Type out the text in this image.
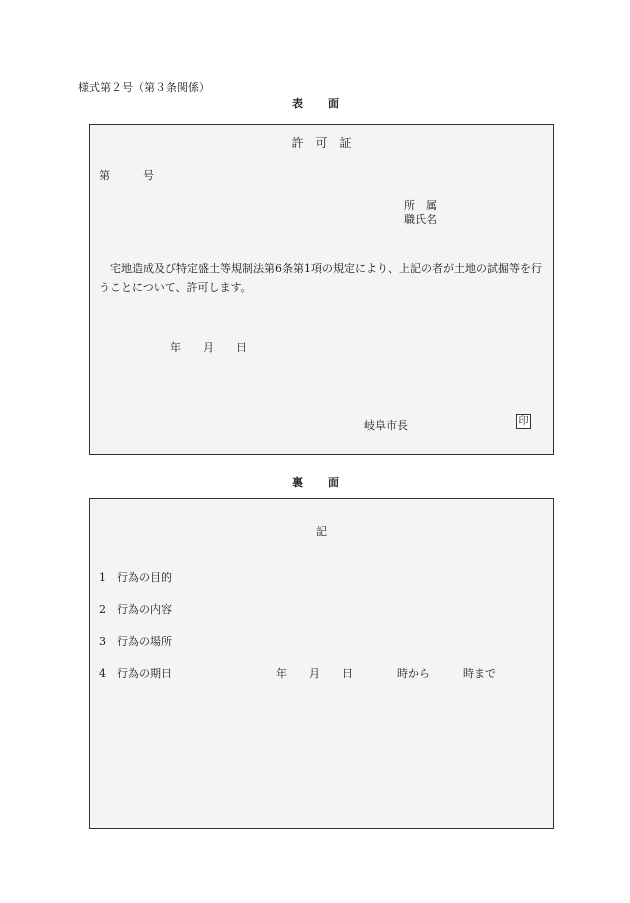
様式第２号（第３条関係）
表　　面
許　可　証
第　　　号
所　属
職氏名
宅地造成及び特定盛土等規制法第6条第1項の規定により、上記の者が土地の試掘等を行うことについて、許可します。
年　　月　　日
岐阜市長	印
裏　　面
記
1 行為の目的
2 行為の内容
3 行為の場所
4 行為の期日	年　　月　　日　　　　時から　　　時まで
